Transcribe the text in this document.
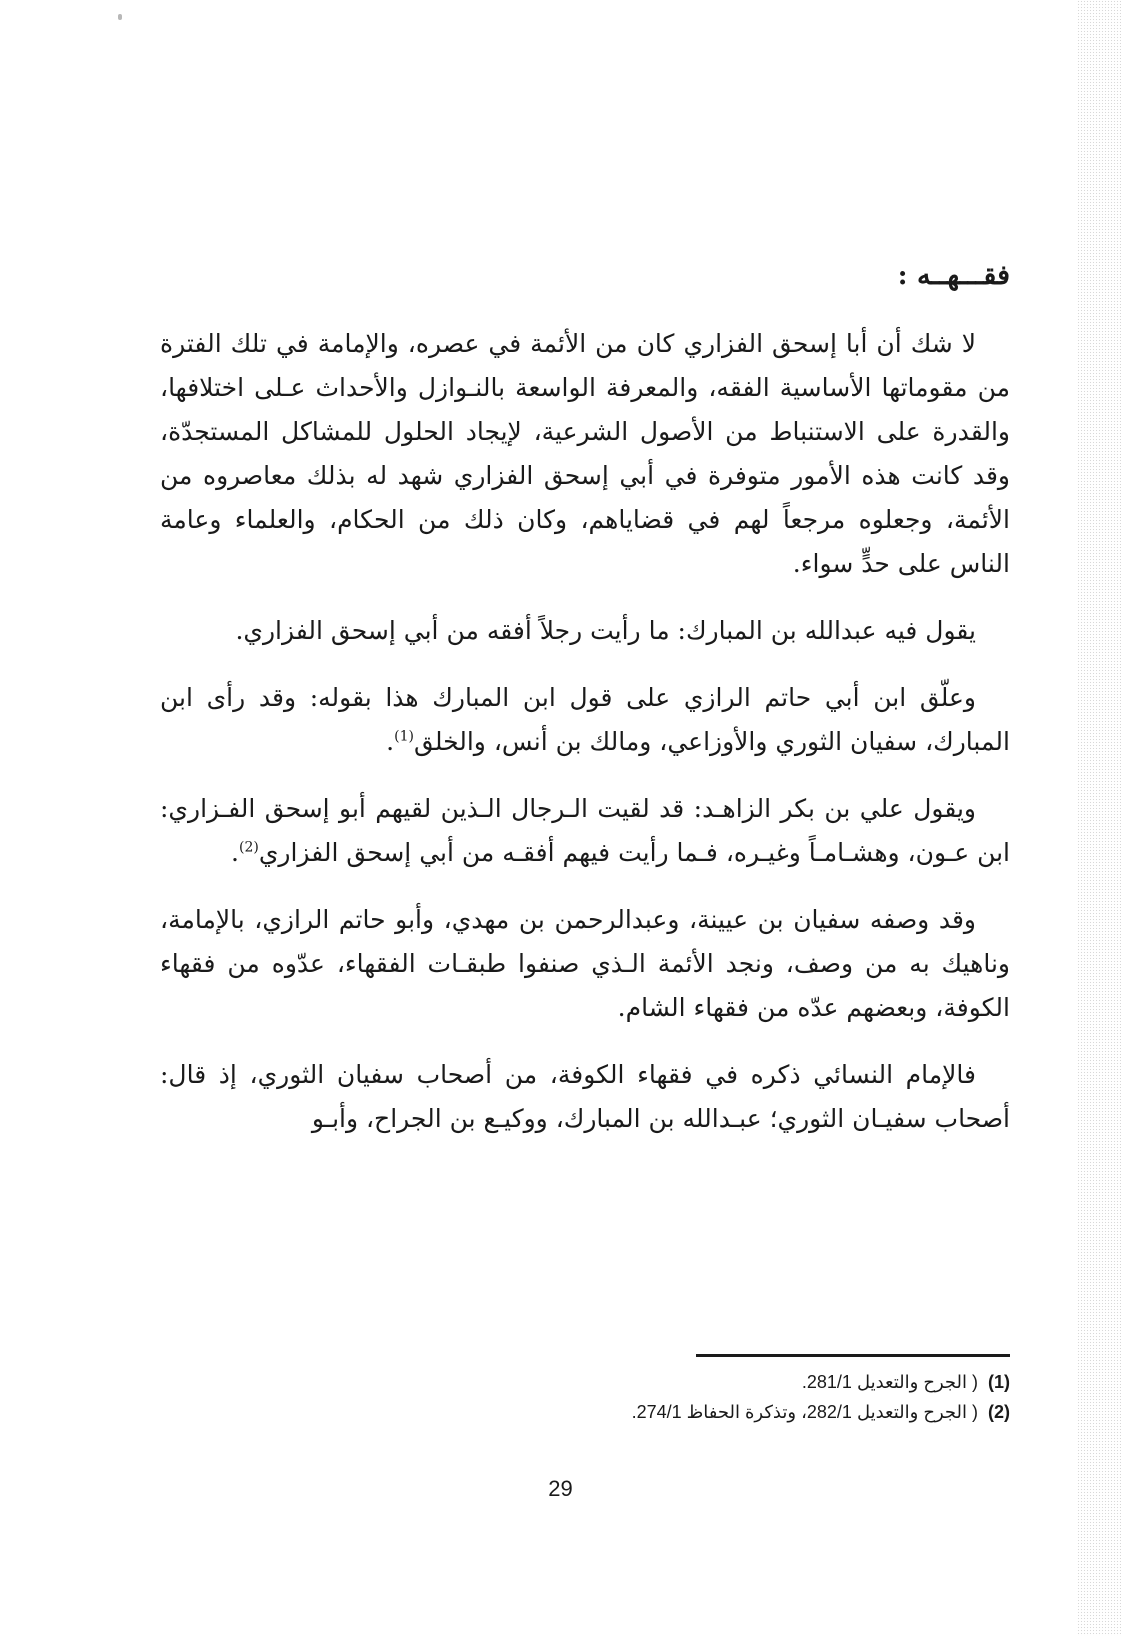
فقـــهــه :

لا شك أن أبا إسحق الفزاري كان من الأئمة في عصره، والإمامة في تلك الفترة من مقوماتها الأساسية الفقه، والمعرفة الواسعة بالنـوازل والأحداث عـلى اختلافها، والقدرة على الاستنباط من الأصول الشرعية، لإيجاد الحلول للمشاكل المستجدّة، وقد كانت هذه الأمور متوفرة في أبي إسحق الفزاري شهد له بذلك معاصروه من الأئمة، وجعلوه مرجعاً لهم في قضاياهم، وكان ذلك من الحكام، والعلماء وعامة الناس على حدٍّ سواء.

يقول فيه عبدالله بن المبارك: ما رأيت رجلاً أفقه من أبي إسحق الفزاري.

وعلّق ابن أبي حاتم الرازي على قول ابن المبارك هذا بقوله: وقد رأى ابن المبارك، سفيان الثوري والأوزاعي، ومالك بن أنس، والخلق$^{(1)}$.

ويقول علي بن بكر الزاهـد: قد لقيت الـرجال الـذين لقيهم أبو إسحق الفـزاري: ابن عـون، وهشـامـاً وغيـره، فـما رأيت فيهم أفقـه من أبي إسحق الفزاري$^{(2)}$.

وقد وصفه سفيان بن عيينة، وعبدالرحمن بن مهدي، وأبو حاتم الرازي، بالإمامة، وناهيك به من وصف، ونجد الأئمة الـذي صنفوا طبقـات الفقهاء، عدّوه من فقهاء الكوفة، وبعضهم عدّه من فقهاء الشام.

فالإمام النسائي ذكره في فقهاء الكوفة، من أصحاب سفيان الثوري، إذ قال: أصحاب سفيـان الثوري؛ عبـدالله بن المبارك، ووكيـع بن الجراح، وأبـو

(1)( الجرح والتعديل 281/1.

(2)( الجرح والتعديل 282/1، وتذكرة الحفاظ 274/1.

29
